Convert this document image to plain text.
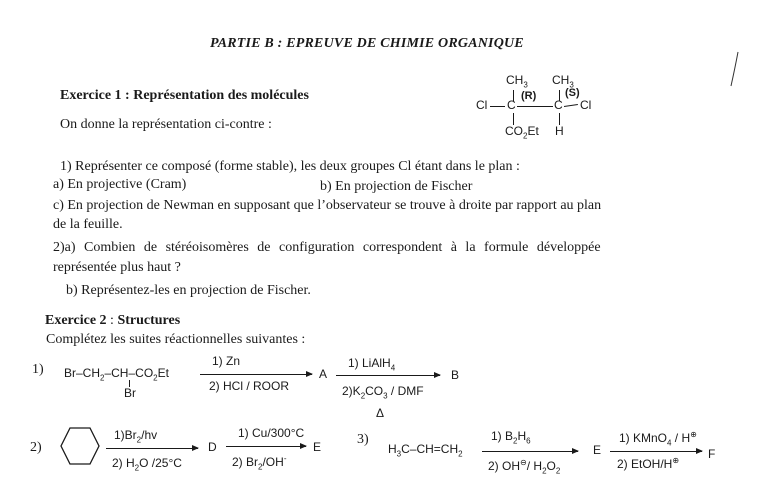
PARTIE B : EPREUVE DE CHIMIE ORGANIQUE
Exercice 1 : Représentation des molécules
On donne la représentation ci-contre :
$CH_3$ $CH_3$
(R)	(S)
Cl C	C Cl
$CO_2Et$ H
1) Représenter ce composé (forme stable), les deux groupes Cl étant dans le plan :
a) En projective (Cram)	b) En projection de Fischer
c) En projection de Newman en supposant que l’observateur se trouve à droite par rapport au plan
de la feuille.
2)a) Combien de stéréoisomères de configuration correspondent à la formule développée
représentée plus haut ?
b) Représentez-les en projection de Fischer.
Exercice 2 : Structures
Complétez les suites réactionnelles suivantes :
1) $Br-CH_2-CH-CO_2Et$
Br
1) Zn
2) HCl / ROOR
A
1) LiAlH$_4$
$2)K_2CO_3$ / DMF
Δ
B
2)
$1)Br_2/hv$
2) $H_2O$ /25°C
D
1) Cu/300°C
2) $Br_2/OH^-$
E	3)
$H_3C-CH=CH_2$
1) $B_2H_6$
2) OH⊖/ $H_2O_2$
E
1) KMnO$_4$ / H⊕
2) EtOH/H⊕ F
